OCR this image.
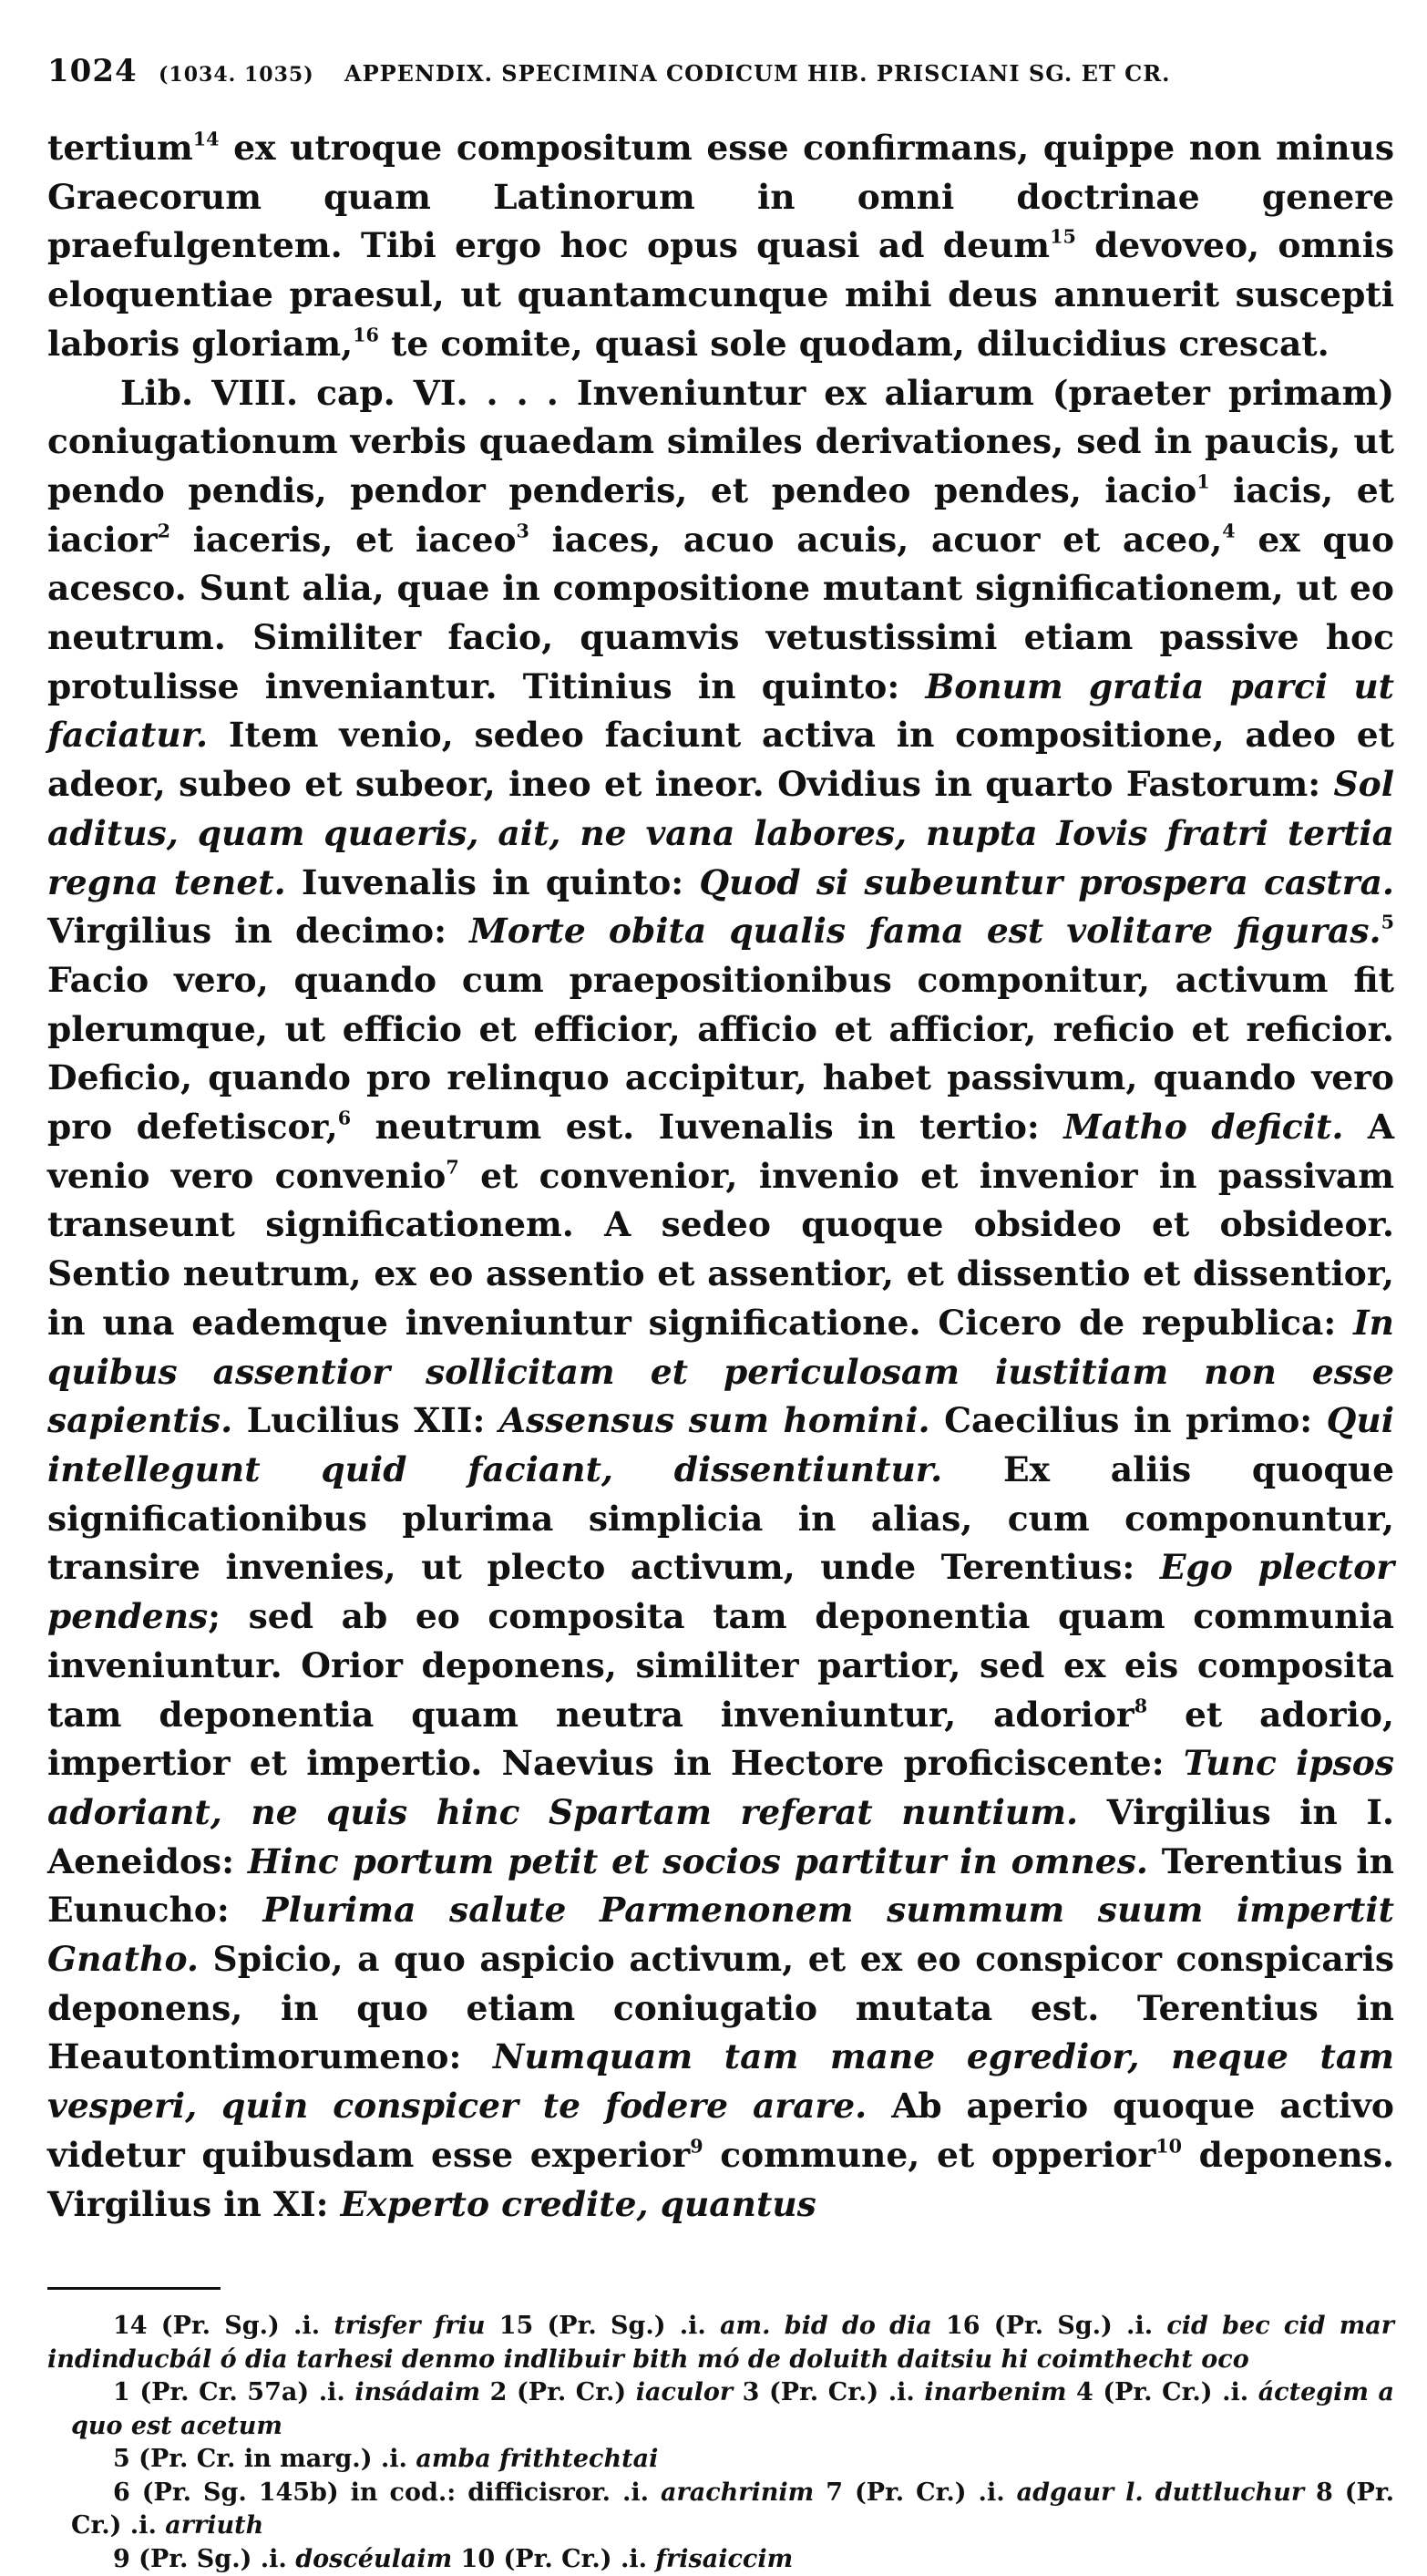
1024 (1034. 1035) APPENDIX. SPECIMINA CODICUM HIB. PRISCIANI SG. ET CR.

tertium$^{14}$ ex utroque compositum esse confirmans, quippe non minus Graecorum quam Latinorum in omni doctrinae genere praefulgentem. Tibi ergo hoc opus quasi ad deum$^{15}$ devoveo, omnis eloquentiae praesul, ut quantamcunque mihi deus annuerit suscepti laboris gloriam,$^{16}$ te comite, quasi sole quodam, dilucidius crescat.

Lib. VIII. cap. VI. . . . Inveniuntur ex aliarum (praeter primam) coniugationum verbis quaedam similes derivationes, sed in paucis, ut pendo pendis, pendor penderis, et pendeo pendes, iacio$^1$ iacis, et iacior$^2$ iaceris, et iaceo$^3$ iaces, acuo acuis, acuor et aceo,$^4$ ex quo acesco. Sunt alia, quae in compositione mutant significationem, ut eo neutrum. Similiter facio, quamvis vetustissimi etiam passive hoc protulisse inveniantur. Titinius in quinto: Bonum gratia parci ut faciatur. Item venio, sedeo faciunt activa in compositione, adeo et adeor, subeo et subeor, ineo et ineor. Ovidius in quarto Fastorum: Sol aditus, quam quaeris, ait, ne vana labores, nupta Iovis fratri tertia regna tenet. Iuvenalis in quinto: Quod si subeuntur prospera castra. Virgilius in decimo: Morte obita qualis fama est volitare figuras.$^5$ Facio vero, quando cum praepositionibus componitur, activum fit plerumque, ut efficio et efficior, afficio et afficior, reficio et reficior. Deficio, quando pro relinquo accipitur, habet passivum, quando vero pro defetiscor,$^6$ neutrum est. Iuvenalis in tertio: Matho deficit. A venio vero convenio$^7$ et convenior, invenio et invenior in passivam transeunt significationem. A sedeo quoque obsideo et obsideor. Sentio neutrum, ex eo assentio et assentior, et dissentio et dissentior, in una eademque inveniuntur significatione. Cicero de republica: In quibus assentior sollicitam et periculosam iustitiam non esse sapientis. Lucilius XII: Assensus sum homini. Caecilius in primo: Qui intellegunt quid faciant, dissentiuntur. Ex aliis quoque significationibus plurima simplicia in alias, cum componuntur, transire invenies, ut plecto activum, unde Terentius: Ego plector pendens; sed ab eo composita tam deponentia quam communia inveniuntur. Orior deponens, similiter partior, sed ex eis composita tam deponentia quam neutra inveniuntur, adorior$^8$ et adorio, impertior et impertio. Naevius in Hectore proficiscente: Tunc ipsos adoriant, ne quis hinc Spartam referat nuntium. Virgilius in I. Aeneidos: Hinc portum petit et socios partitur in omnes. Terentius in Eunucho: Plurima salute Parmenonem summum suum impertit Gnatho. Spicio, a quo aspicio activum, et ex eo conspicor conspicaris deponens, in quo etiam coniugatio mutata est. Terentius in Heautontimorumeno: Numquam tam mane egredior, neque tam vesperi, quin conspicer te fodere arare. Ab aperio quoque activo videtur quibusdam esse experior$^9$ commune, et opperior$^{10}$ deponens. Virgilius in XI: Experto credite, quantus

14 (Pr. Sg.) .i. trisfer friu 15 (Pr. Sg.) .i. am. bid do dia 16 (Pr. Sg.) .i. cid bec cid mar indinducbál ó dia tarhesi denmo indlibuir bith mó de doluith daitsiu hi coimthecht oco

1 (Pr. Cr. 57a) .i. insádaim 2 (Pr. Cr.) iaculor 3 (Pr. Cr.) .i. inarbenim 4 (Pr. Cr.) .i. áctegim a quo est acetum

5 (Pr. Cr. in marg.) .i. amba frithtechtai

6 (Pr. Sg. 145b) in cod.: difficisror. .i. arachrinim 7 (Pr. Cr.) .i. adgaur l. duttluchur 8 (Pr. Cr.) .i. arriuth

9 (Pr. Sg.) .i. doscéulaim 10 (Pr. Cr.) .i. frisaiccim
